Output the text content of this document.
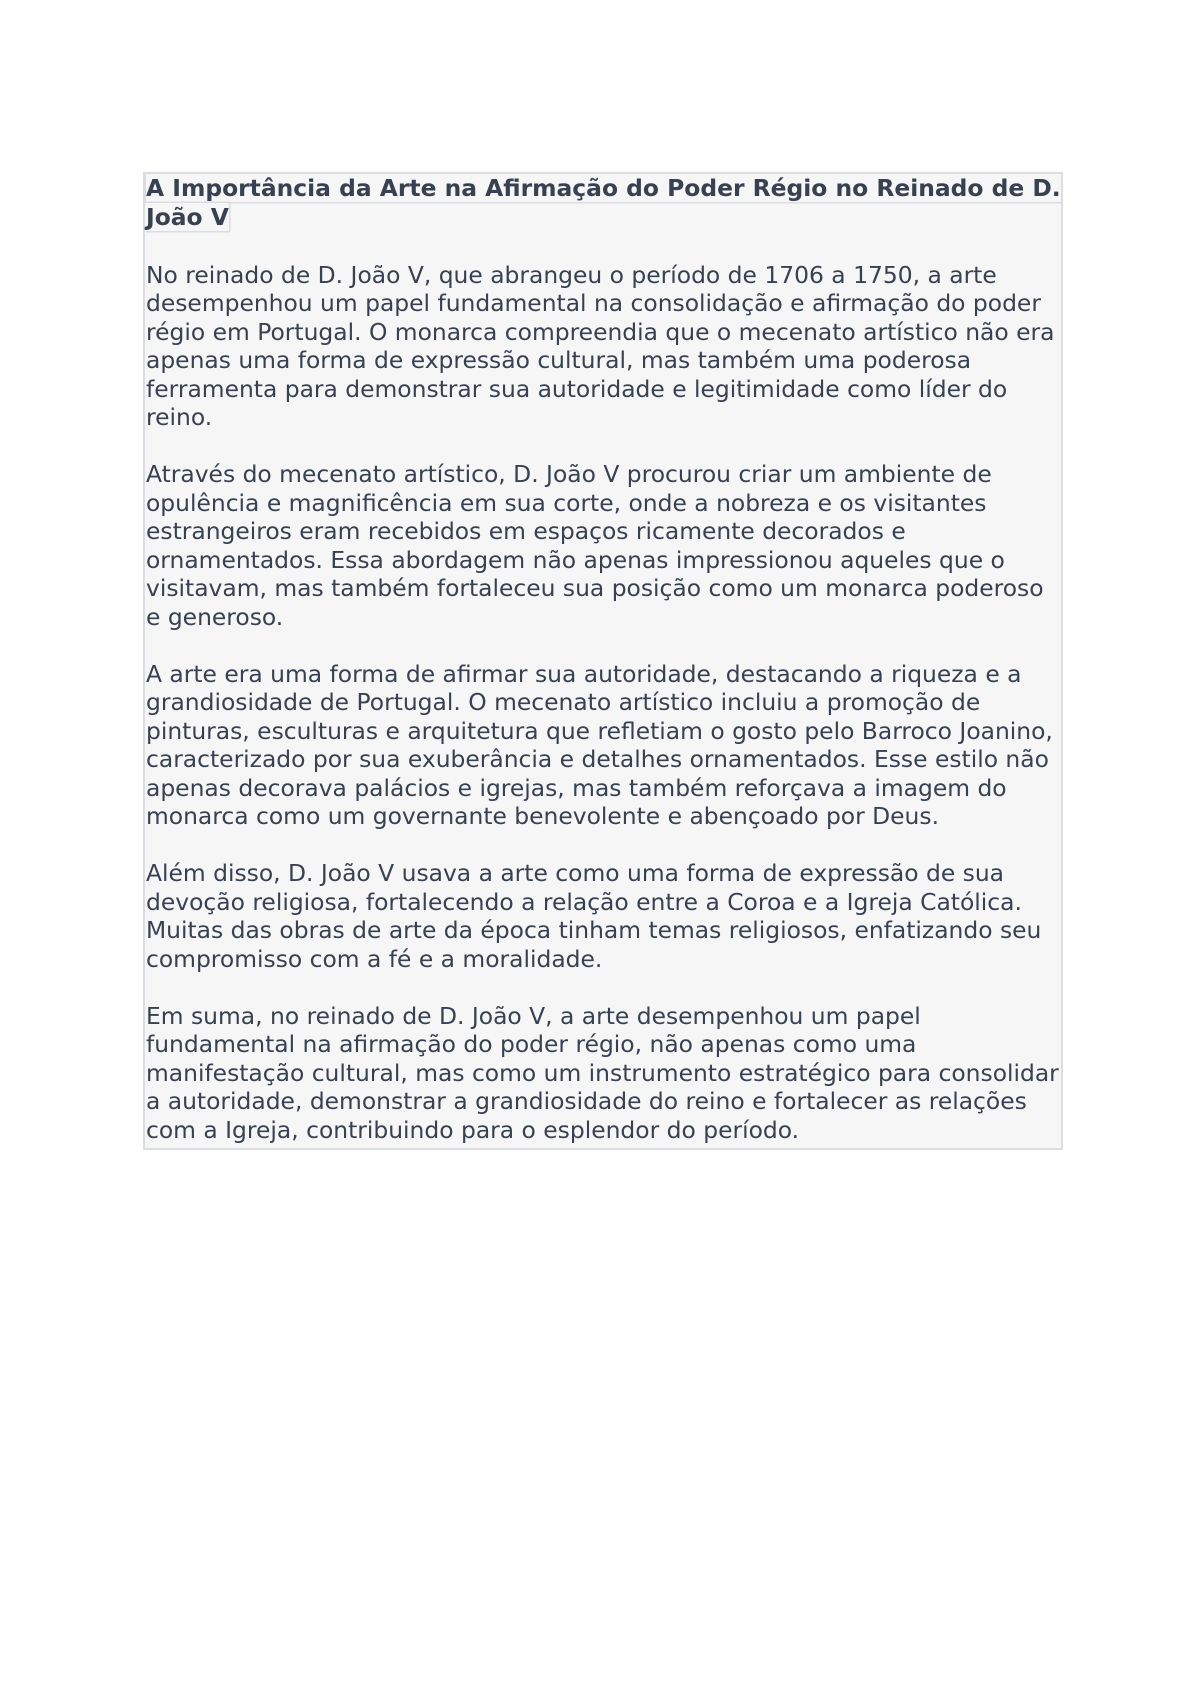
A Importância da Arte na Afirmação do Poder Régio no Reinado de D. João V

No reinado de D. João V, que abrangeu o período de 1706 a 1750, a arte desempenhou um papel fundamental na consolidação e afirmação do poder régio em Portugal. O monarca compreendia que o mecenato artístico não era apenas uma forma de expressão cultural, mas também uma poderosa ferramenta para demonstrar sua autoridade e legitimidade como líder do reino.

Através do mecenato artístico, D. João V procurou criar um ambiente de opulência e magnificência em sua corte, onde a nobreza e os visitantes estrangeiros eram recebidos em espaços ricamente decorados e ornamentados. Essa abordagem não apenas impressionou aqueles que o visitavam, mas também fortaleceu sua posição como um monarca poderoso e generoso.

A arte era uma forma de afirmar sua autoridade, destacando a riqueza e a grandiosidade de Portugal. O mecenato artístico incluiu a promoção de pinturas, esculturas e arquitetura que refletiam o gosto pelo Barroco Joanino, caracterizado por sua exuberância e detalhes ornamentados. Esse estilo não apenas decorava palácios e igrejas, mas também reforçava a imagem do monarca como um governante benevolente e abençoado por Deus.

Além disso, D. João V usava a arte como uma forma de expressão de sua devoção religiosa, fortalecendo a relação entre a Coroa e a Igreja Católica. Muitas das obras de arte da época tinham temas religiosos, enfatizando seu compromisso com a fé e a moralidade.

Em suma, no reinado de D. João V, a arte desempenhou um papel fundamental na afirmação do poder régio, não apenas como uma manifestação cultural, mas como um instrumento estratégico para consolidar a autoridade, demonstrar a grandiosidade do reino e fortalecer as relações com a Igreja, contribuindo para o esplendor do período.
